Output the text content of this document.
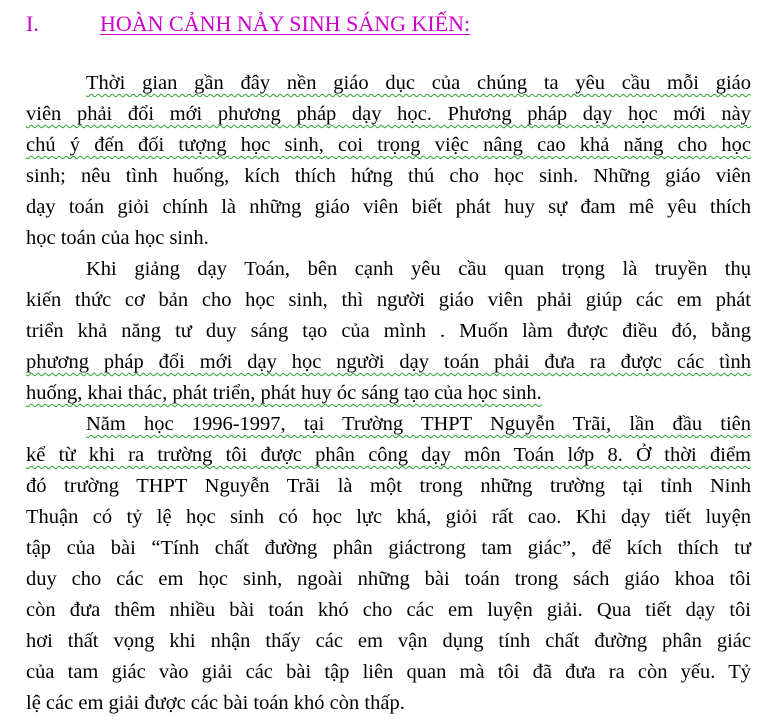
I.	HOÀN CẢNH NẢY SINH SÁNG KIẾN:
Thời gian gần đây nền giáo dục của chúng ta yêu cầu mỗi giáo
viên phải đổi mới phương pháp dạy học. Phương pháp dạy học mới này
chú ý đến đối tượng học sinh, coi trọng việc nâng cao khả năng cho học
sinh; nêu tình huống, kích thích hứng thú cho học sinh. Những giáo viên
dạy toán giỏi chính là những giáo viên biết phát huy sự đam mê yêu thích
học toán của học sinh.
Khi giảng dạy Toán, bên cạnh yêu cầu quan trọng là truyền thụ
kiến thức cơ bản cho học sinh, thì người giáo viên phải giúp các em phát
triển khả năng tư duy sáng tạo của mình . Muốn làm được điều đó, bằng
phương pháp đổi mới dạy học người dạy toán phải đưa ra được các tình
huống, khai thác, phát triển, phát huy óc sáng tạo của học sinh.
Năm học 1996-1997, tại Trường THPT Nguyễn Trãi, lần đầu tiên
kể từ khi ra trường tôi được phân công dạy môn Toán lớp 8. Ở thời điểm
đó trường THPT Nguyễn Trãi là một trong những trường tại tỉnh Ninh
Thuận có tỷ lệ học sinh có học lực khá, giỏi rất cao. Khi dạy tiết luyện
tập của bài “Tính chất đường phân giáctrong tam giác”, để kích thích tư
duy cho các em học sinh, ngoài những bài toán trong sách giáo khoa tôi
còn đưa thêm nhiều bài toán khó cho các em luyện giải. Qua tiết dạy tôi
hơi thất vọng khi nhận thấy các em vận dụng tính chất đường phân giác
của tam giác vào giải các bài tập liên quan mà tôi đã đưa ra còn yếu. Tỷ
lệ các em giải được các bài toán khó còn thấp.
